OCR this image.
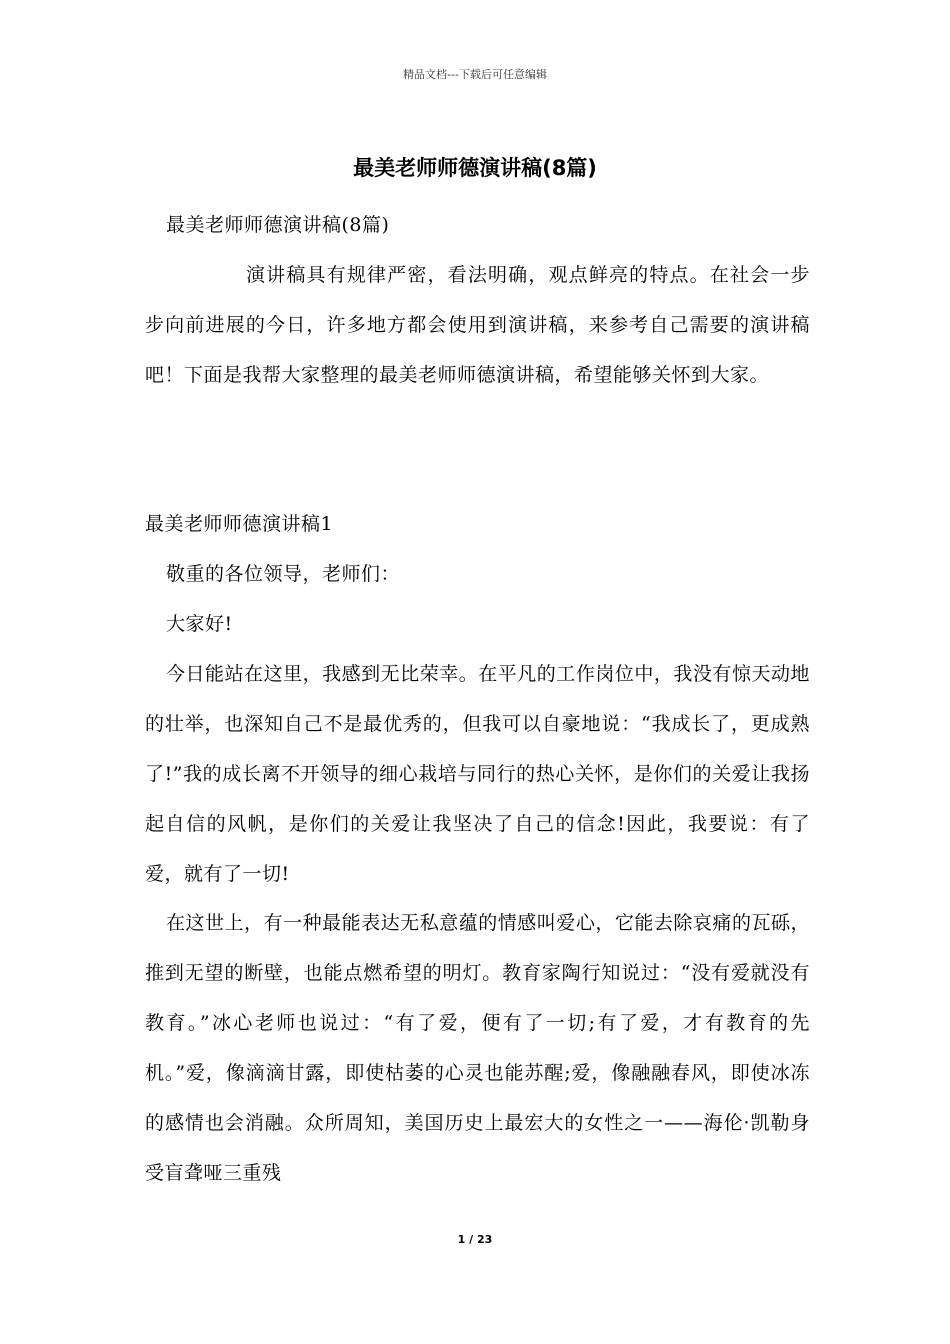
精品文档---下载后可任意编辑
最美老师师德演讲稿(8篇)
最美老师师德演讲稿(8篇)
演讲稿具有规律严密，看法明确，观点鲜亮的特点。在社会一步步向前进展的今日，许多地方都会使用到演讲稿，来参考自己需要的演讲稿吧！下面是我帮大家整理的最美老师师德演讲稿，希望能够关怀到大家。
最美老师师德演讲稿1
敬重的各位领导，老师们：
大家好!
今日能站在这里，我感到无比荣幸。在平凡的工作岗位中，我没有惊天动地的壮举，也深知自己不是最优秀的，但我可以自豪地说：“我成长了，更成熟了!”我的成长离不开领导的细心栽培与同行的热心关怀，是你们的关爱让我扬起自信的风帆，是你们的关爱让我坚决了自己的信念!因此，我要说：有了爱，就有了一切!
在这世上，有一种最能表达无私意蕴的情感叫爱心，它能去除哀痛的瓦砾，推到无望的断壁，也能点燃希望的明灯。教育家陶行知说过：“没有爱就没有教育。”冰心老师也说过：“有了爱，便有了一切;有了爱，才有教育的先机。”爱，像滴滴甘露，即使枯萎的心灵也能苏醒;爱，像融融春风，即使冰冻的感情也会消融。众所周知，美国历史上最宏大的女性之一——海伦·凯勒身受盲聋哑三重残
1 / 23
